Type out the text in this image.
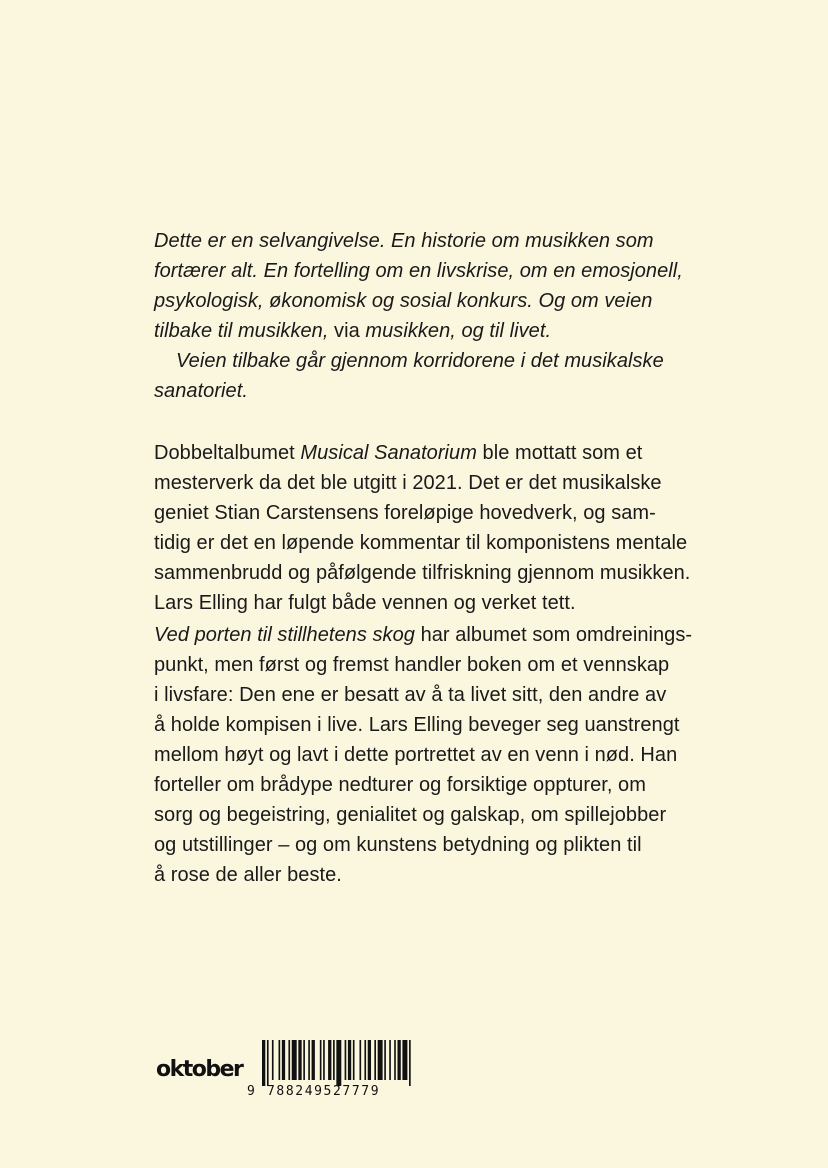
Dette er en selvangivelse. En historie om musikken som
fortærer alt. En fortelling om en livskrise, om en emosjonell,
psykologisk, økonomisk og sosial konkurs. Og om veien
tilbake til musikken, via musikken, og til livet.
Veien tilbake går gjennom korridorene i det musikalske
sanatoriet.
Dobbeltalbumet Musical Sanatorium ble mottatt som et
mesterverk da det ble utgitt i 2021. Det er det musikalske
geniet Stian Carstensens foreløpige hovedverk, og sam-
tidig er det en løpende kommentar til komponistens mentale
sammenbrudd og påfølgende tilfriskning gjennom musikken.
Lars Elling har fulgt både vennen og verket tett.
Ved porten til stillhetens skog har albumet som omdreinings-
punkt, men først og fremst handler boken om et vennskap
i livsfare: Den ene er besatt av å ta livet sitt, den andre av
å holde kompisen i live. Lars Elling beveger seg uanstrengt
mellom høyt og lavt i dette portrettet av en venn i nød. Han
forteller om brådype nedturer og forsiktige oppturer, om
sorg og begeistring, genialitet og galskap, om spillejobber
og utstillinger – og om kunstens betydning og plikten til
å rose de aller beste.
oktober
9 788249527779
